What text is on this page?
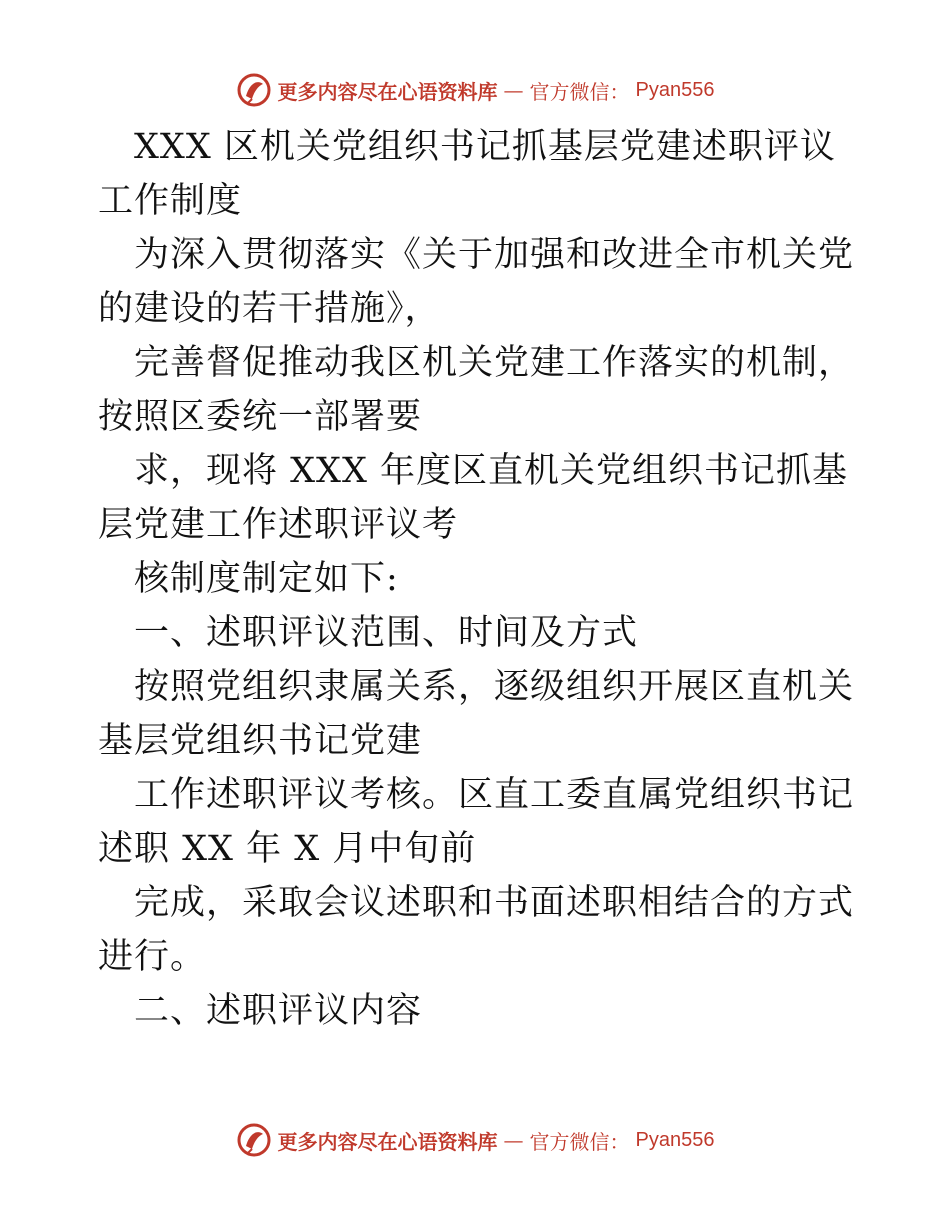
更多内容尽在心语资料库 — 官方微信： Pyan556

XXX 区机关党组织书记抓基层党建述职评议工作制度

为深入贯彻落实《关于加强和改进全市机关党的建设的若干措施》，

完善督促推动我区机关党建工作落实的机制，按照区委统一部署要

求，现将 XXX 年度区直机关党组织书记抓基层党建工作述职评议考

核制度制定如下:

一、述职评议范围、时间及方式

按照党组织隶属关系，逐级组织开展区直机关基层党组织书记党建

工作述职评议考核。区直工委直属党组织书记述职 XX 年 X 月中旬前

完成，采取会议述职和书面述职相结合的方式进行。

二、述职评议内容

更多内容尽在心语资料库 — 官方微信： Pyan556
